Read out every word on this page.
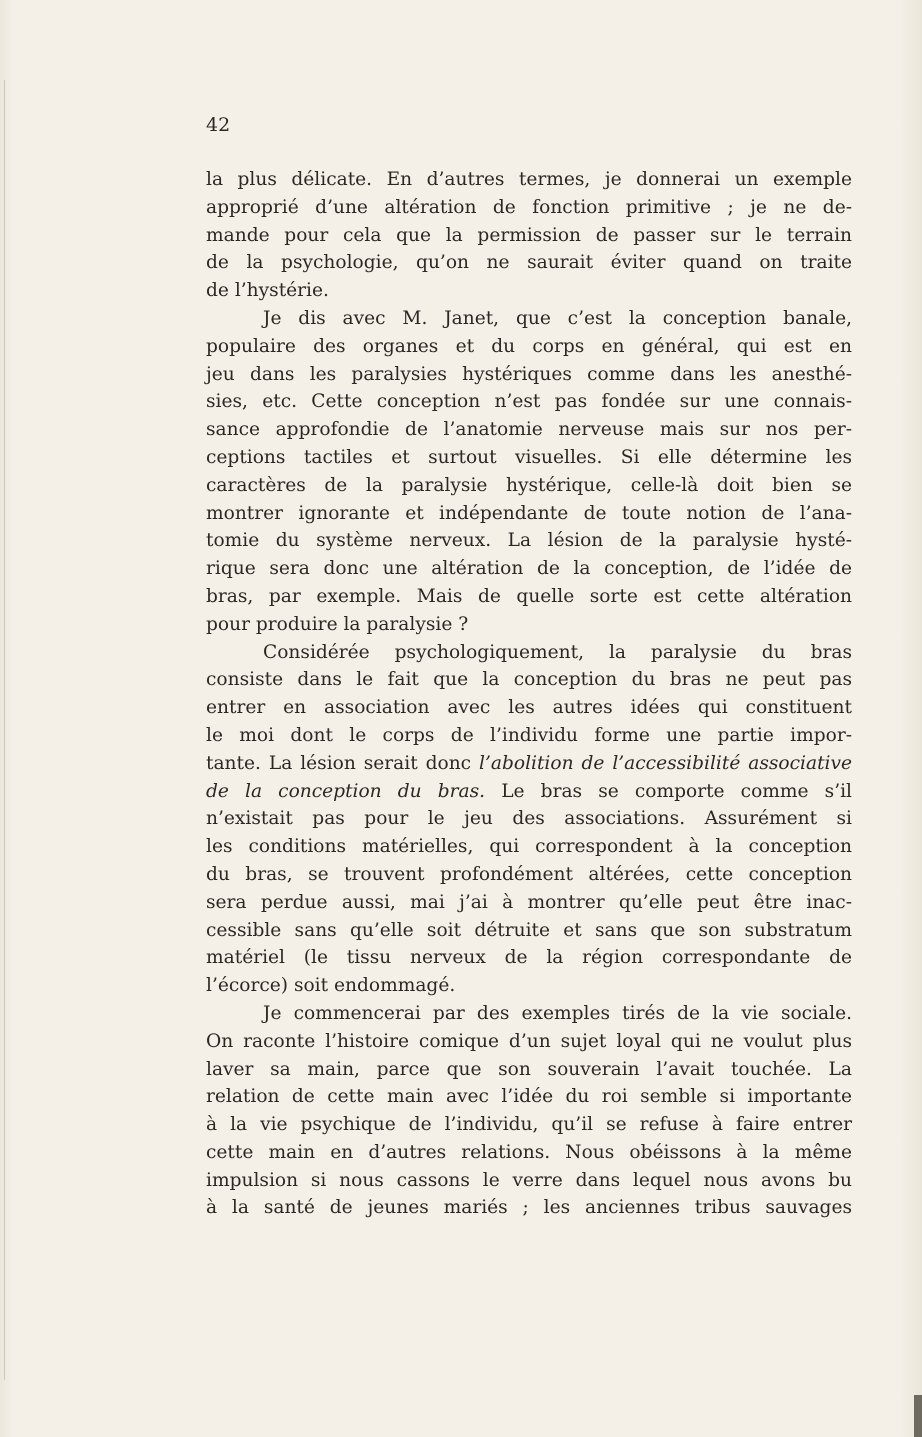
42
la plus délicate. En d’autres termes, je donnerai un exemple
approprié d’une altération de fonction primitive ; je ne de-
mande pour cela que la permission de passer sur le terrain
de la psychologie, qu’on ne saurait éviter quand on traite
de l’hystérie.
Je dis avec M. Janet, que c’est la conception banale,
populaire des organes et du corps en général, qui est en
jeu dans les paralysies hystériques comme dans les anesthé-
sies, etc. Cette conception n’est pas fondée sur une connais-
sance approfondie de l’anatomie nerveuse mais sur nos per-
ceptions tactiles et surtout visuelles. Si elle détermine les
caractères de la paralysie hystérique, celle-là doit bien se
montrer ignorante et indépendante de toute notion de l’ana-
tomie du système nerveux. La lésion de la paralysie hysté-
rique sera donc une altération de la conception, de l’idée de
bras, par exemple. Mais de quelle sorte est cette altération
pour produire la paralysie ?
Considérée psychologiquement, la paralysie du bras
consiste dans le fait que la conception du bras ne peut pas
entrer en association avec les autres idées qui constituent
le moi dont le corps de l’individu forme une partie impor-
tante. La lésion serait donc l’abolition de l’accessibilité associative
de la conception du bras. Le bras se comporte comme s’il
n’existait pas pour le jeu des associations. Assurément si
les conditions matérielles, qui correspondent à la conception
du bras, se trouvent profondément altérées, cette conception
sera perdue aussi, mai j’ai à montrer qu’elle peut être inac-
cessible sans qu’elle soit détruite et sans que son substratum
matériel (le tissu nerveux de la région correspondante de
l’écorce) soit endommagé.
Je commencerai par des exemples tirés de la vie sociale.
On raconte l’histoire comique d’un sujet loyal qui ne voulut plus
laver sa main, parce que son souverain l’avait touchée. La
relation de cette main avec l’idée du roi semble si importante
à la vie psychique de l’individu, qu’il se refuse à faire entrer
cette main en d’autres relations. Nous obéissons à la même
impulsion si nous cassons le verre dans lequel nous avons bu
à la santé de jeunes mariés ; les anciennes tribus sauvages
